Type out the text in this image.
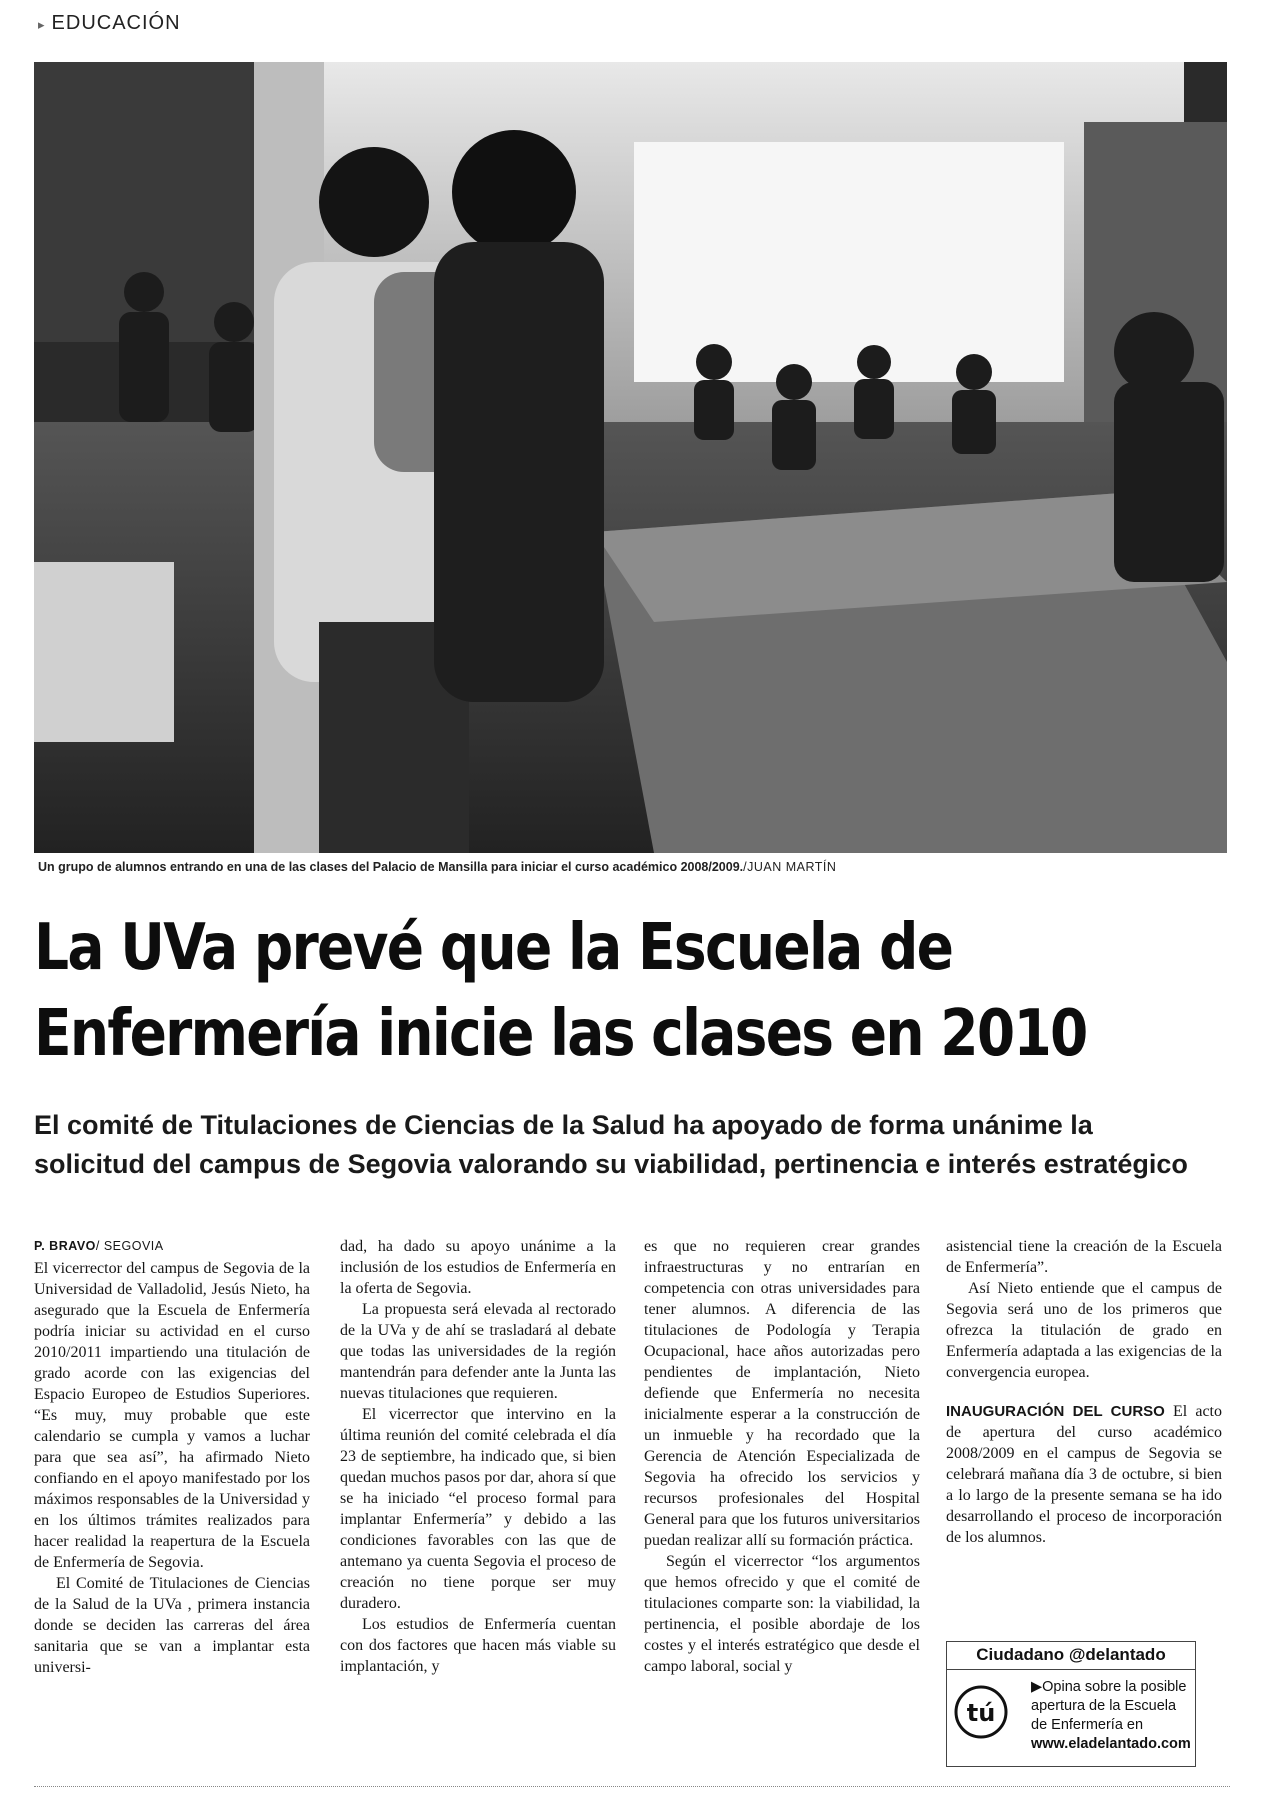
▸ EDUCACIÓN
Un grupo de alumnos entrando en una de las clases del Palacio de Mansilla para iniciar el curso académico 2008/2009./JUAN MARTÍN
La UVa prevé que la Escuela de
Enfermería inicie las clases en 2010
El comité de Titulaciones de Ciencias de la Salud ha apoyado de forma unánime la
solicitud del campus de Segovia valorando su viabilidad, pertinencia e interés estratégico
P. BRAVO/ SEGOVIA

El vicerrector del campus de Segovia de la Universidad de Valladolid, Jesús Nieto, ha asegurado que la Escuela de Enfermería podría iniciar su actividad en el curso 2010/2011 impartiendo una titulación de grado acorde con las exigencias del Espacio Europeo de Estudios Superiores. “Es muy, muy probable que este calendario se cumpla y vamos a luchar para que sea así”, ha afirmado Nieto confiando en el apoyo manifestado por los máximos responsables de la Universidad y en los últimos trámites realizados para hacer realidad la reapertura de la Escuela de Enfermería de Segovia.

El Comité de Titulaciones de Ciencias de la Salud de la UVa , primera instancia donde se deciden las carreras del área sanitaria que se van a implantar esta universi-

dad, ha dado su apoyo unánime a la inclusión de los estudios de Enfermería en la oferta de Segovia.

La propuesta será elevada al rectorado de la UVa y de ahí se trasladará al debate que todas las universidades de la región mantendrán para defender ante la Junta las nuevas titulaciones que requieren.

El vicerrector que intervino en la última reunión del comité celebrada el día 23 de septiembre, ha indicado que, si bien quedan muchos pasos por dar, ahora sí que se ha iniciado “el proceso formal para implantar Enfermería” y debido a las condiciones favorables con las que de antemano ya cuenta Segovia el proceso de creación no tiene porque ser muy duradero.

Los estudios de Enfermería cuentan con dos factores que hacen más viable su implantación, y

es que no requieren crear grandes infraestructuras y no entrarían en competencia con otras universidades para tener alumnos. A diferencia de las titulaciones de Podología y Terapia Ocupacional, hace años autorizadas pero pendientes de implantación, Nieto defiende que Enfermería no necesita inicialmente esperar a la construcción de un inmueble y ha recordado que la Gerencia de Atención Especializada de Segovia ha ofrecido los servicios y recursos profesionales del Hospital General para que los futuros universitarios puedan realizar allí su formación práctica.

Según el vicerrector “los argumentos que hemos ofrecido y que el comité de titulaciones comparte son: la viabilidad, la pertinencia, el posible abordaje de los costes y el interés estratégico que desde el campo laboral, social y

asistencial tiene la creación de la Escuela de Enfermería”.

Así Nieto entiende que el campus de Segovia será uno de los primeros que ofrezca la titulación de grado en Enfermería adaptada a las exigencias de la convergencia europea.

INAUGURACIÓN DEL CURSO El acto de apertura del curso académico 2008/2009 en el campus de Segovia se celebrará mañana día 3 de octubre, si bien a lo largo de la presente semana se ha ido desarrollando el proceso de incorporación de los alumnos.

Ciudadano @delantado
tú
▶Opina sobre la posible apertura de la Escuela de Enfermería en
www.eladelantado.com
